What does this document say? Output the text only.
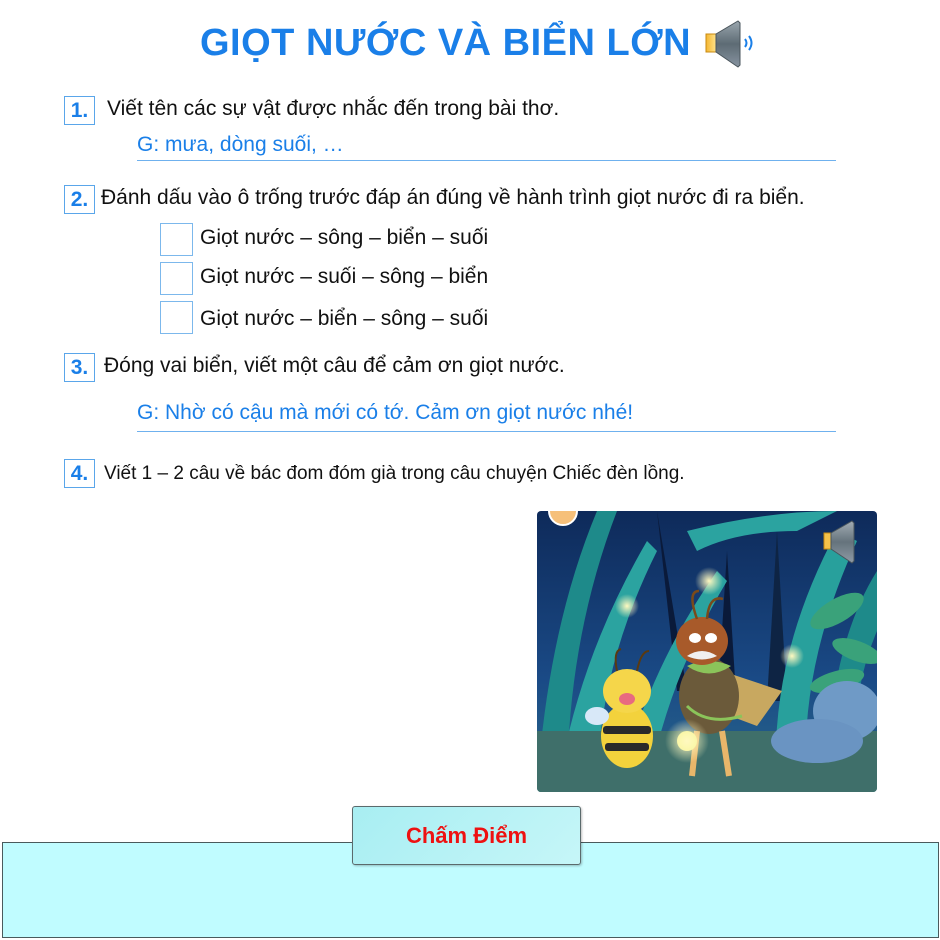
GIỌT NƯỚC VÀ BIỂN LỚN
1. Viết tên các sự vật được nhắc đến trong bài thơ.
G: mưa, dòng suối, …
2. Đánh dấu vào ô trống trước đáp án đúng về hành trình giọt nước đi ra biển.
Giọt nước – sông – biển – suối
Giọt nước – suối – sông – biển
Giọt nước – biển – sông – suối
3. Đóng vai biển, viết một câu để cảm ơn giọt nước.
G: Nhờ có cậu mà mới có tớ. Cảm ơn giọt nước nhé!
4. Viết 1 – 2 câu về bác đom đóm già trong câu chuyện Chiếc đèn lồng.
Chấm Điểm
